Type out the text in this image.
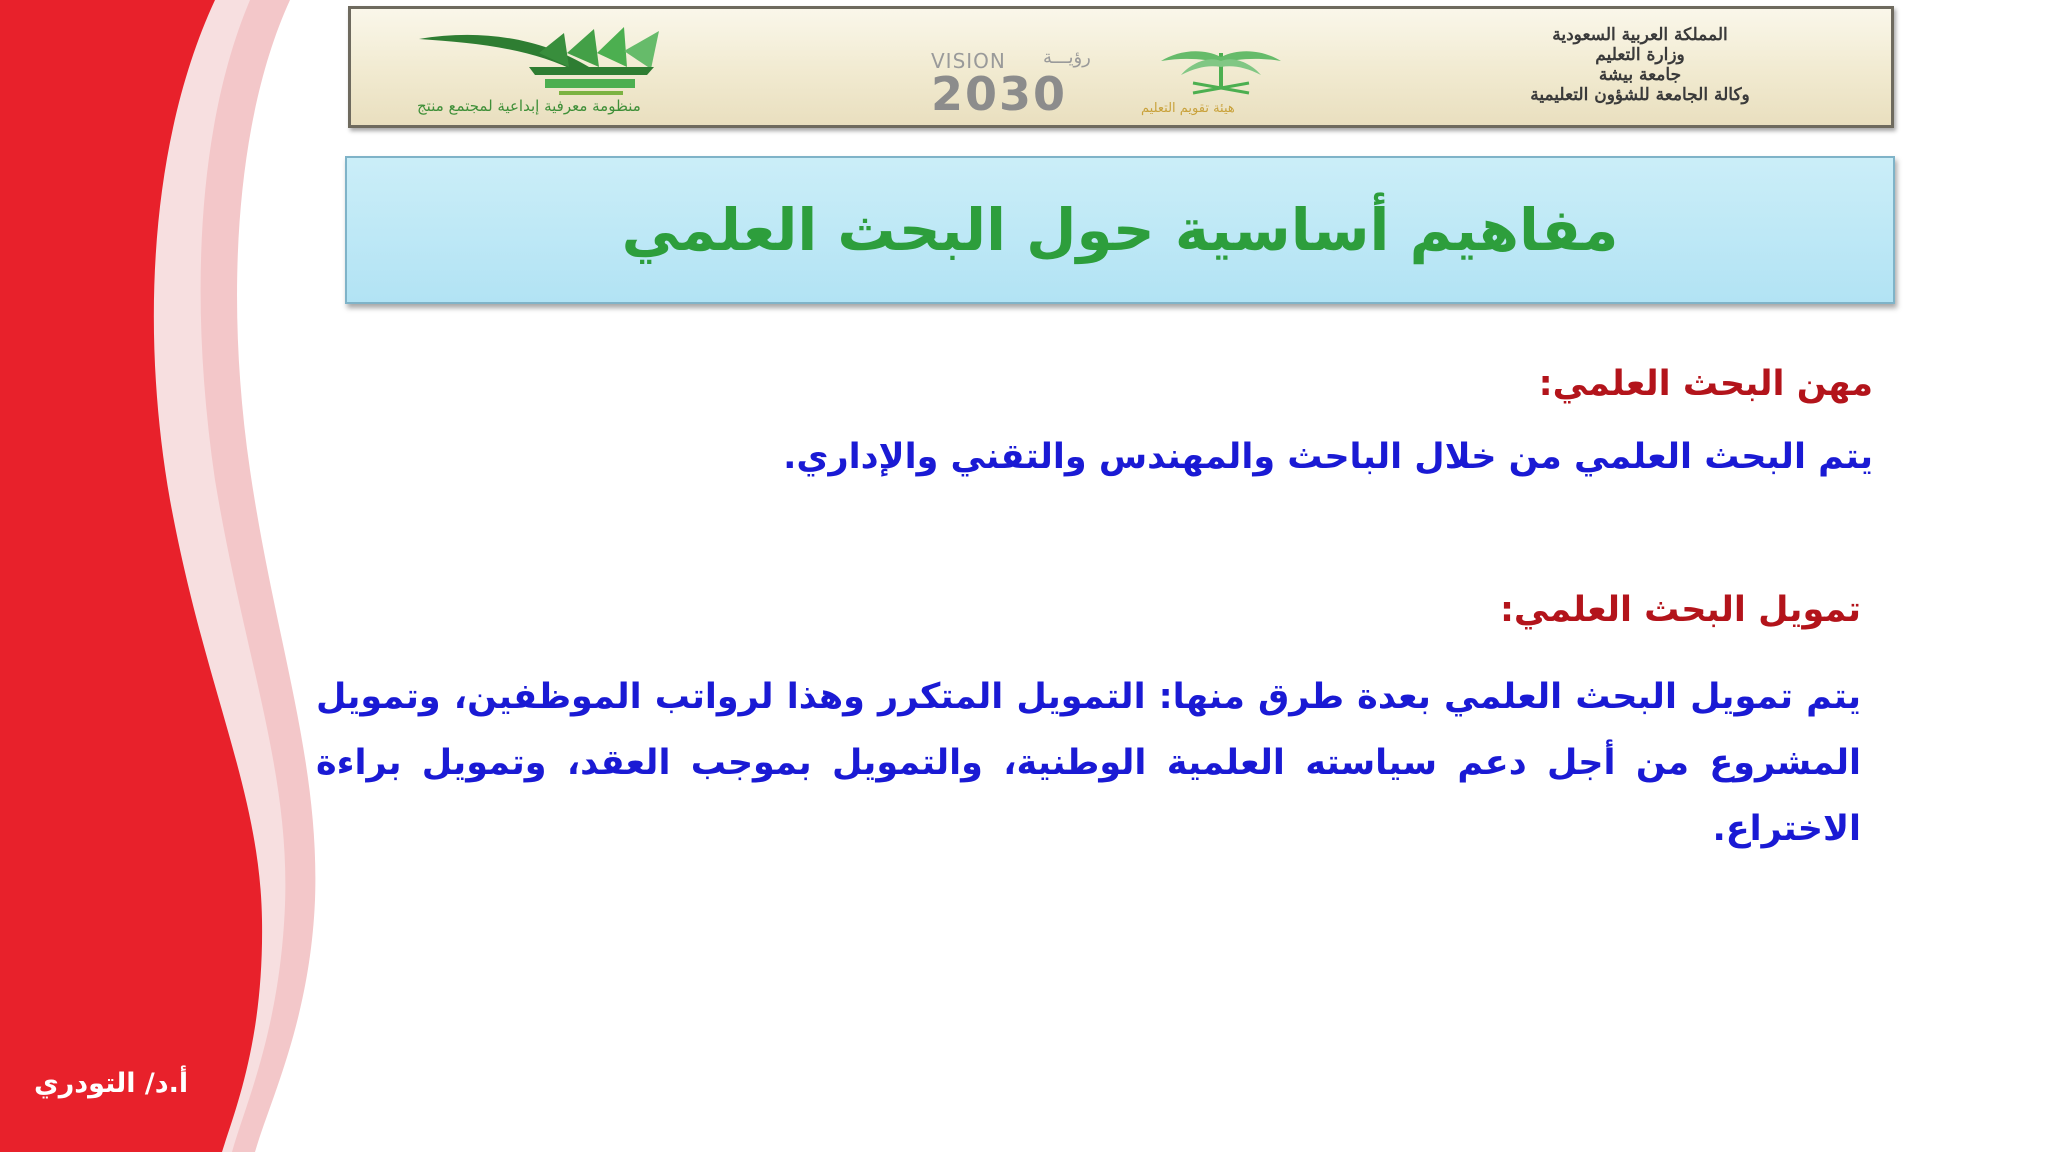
أ.د/ التودري
منظومة معرفية إبداعية لمجتمع منتج
VISION رؤيـــة
2030	هيئة تقويم التعليم
المملكة العربية السعودية
وزارة التعليم
جامعة بيشة
وكالة الجامعة للشؤون التعليمية
مفاهيم أساسية حول البحث العلمي
مهن البحث العلمي:
يتم البحث العلمي من خلال الباحث والمهندس والتقني والإداري.
تمويل البحث العلمي:
يتم تمويل البحث العلمي بعدة طرق منها: التمويل المتكرر وهذا لرواتب الموظفين، وتمويل المشروع من أجل دعم سياسته العلمية الوطنية، والتمويل بموجب العقد، وتمويل براءة الاختراع.
